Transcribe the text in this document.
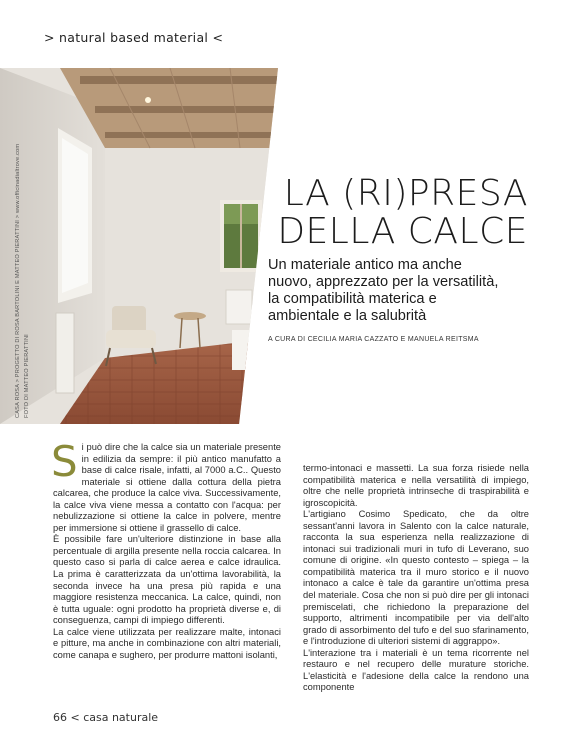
> natural based material <
CASA ROSA > PROGETTO DI ROSA BARTOLINI E MATTEO PIERATTINI > www.officinadialtrove.com FOTO DI MATTEO PIERATTINI
LA (RI)PRESA
DELLA CALCE
Un materiale antico ma anche
nuovo, apprezzato per la versatilità,
la compatibilità materica e
ambientale e la salubrità
A CURA DI CECILIA MARIA CAZZATO E MANUELA REITSMA

Si può dire che la calce sia un materiale presente in edilizia da sempre: il più antico manufatto a base di calce risale, infatti, al 7000 a.C.. Questo materiale si ottiene dalla cottura della pietra calcarea, che produce la calce viva. Successivamente, la calce viva viene messa a contatto con l'acqua: per nebulizzazione si ottiene la calce in polvere, mentre per immersione si ottiene il grassello di calce.

È possibile fare un'ulteriore distinzione in base alla percentuale di argilla presente nella roccia calcarea. In questo caso si parla di calce aerea e calce idraulica. La prima è caratterizzata da un'ottima lavorabilità, la seconda invece ha una presa più rapida e una maggiore resistenza meccanica. La calce, quindi, non è tutta uguale: ogni prodotto ha proprietà diverse e, di conseguenza, campi di impiego differenti.

La calce viene utilizzata per realizzare malte, intonaci e pitture, ma anche in combinazione con altri materiali, come canapa e sughero, per produrre mattoni isolanti,

termo-intonaci e massetti. La sua forza risiede nella compatibilità materica e nella versatilità di impiego, oltre che nelle proprietà intrinseche di traspirabilità e igroscopicità.

L'artigiano Cosimo Spedicato, che da oltre sessant'anni lavora in Salento con la calce naturale, racconta la sua esperienza nella realizzazione di intonaci sui tradizionali muri in tufo di Leverano, suo comune di origine. «In questo contesto – spiega – la compatibilità materica tra il muro storico e il nuovo intonaco a calce è tale da garantire un'ottima presa del materiale. Cosa che non si può dire per gli intonaci premiscelati, che richiedono la preparazione del supporto, altrimenti incompatibile per via dell'alto grado di assorbimento del tufo e del suo sfarinamento, e l'introduzione di ulteriori sistemi di aggrappo».

L'interazione tra i materiali è un tema ricorrente nel restauro e nel recupero delle murature storiche. L'elasticità e l'adesione della calce la rendono una componente

66 < casa naturale
